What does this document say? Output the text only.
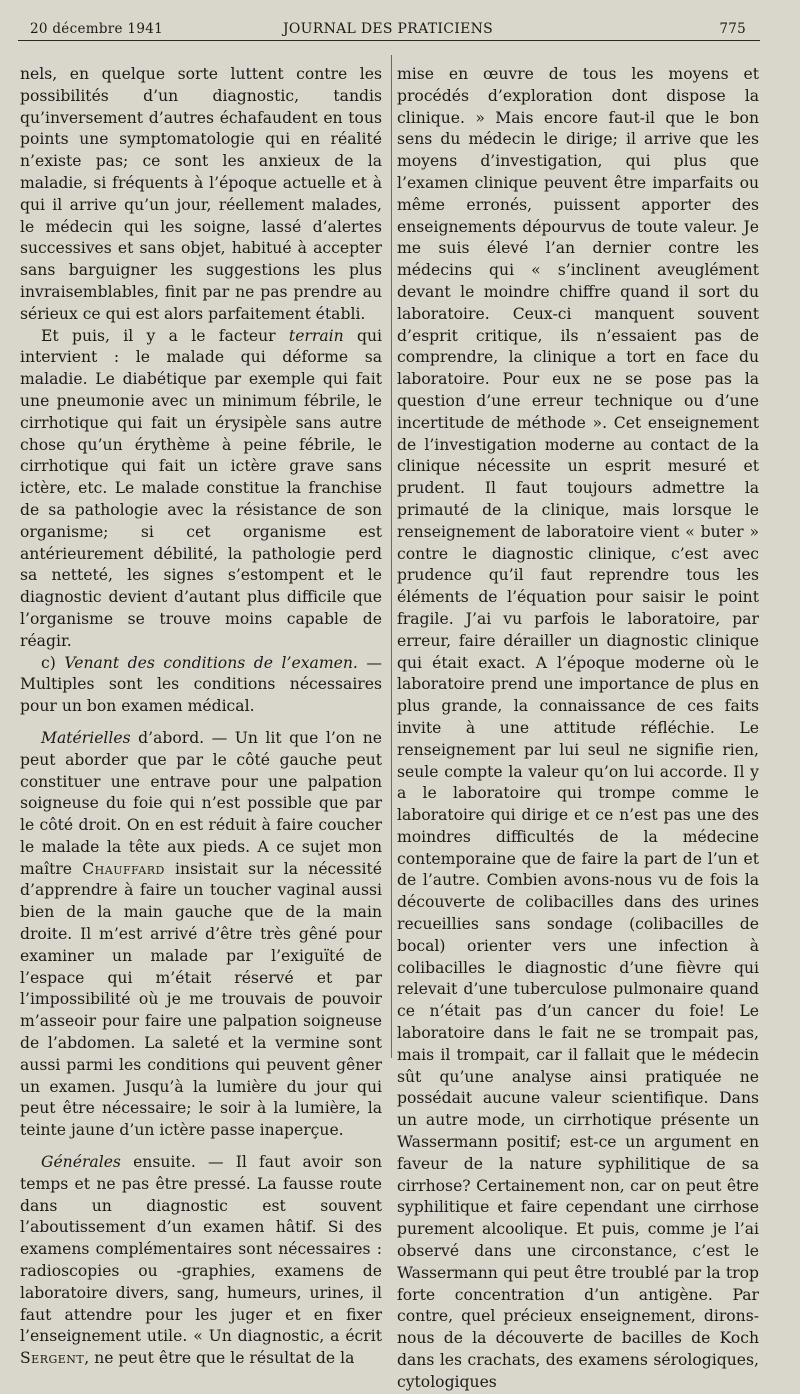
20 décembre 1941	JOURNAL DES PRATICIENS	775

nels, en quelque sorte luttent contre les possibilités d’un diagnostic, tandis qu’inversement d’autres échafaudent en tous points une symptomatologie qui en réalité n’existe pas; ce sont les anxieux de la maladie, si fréquents à l’époque actuelle et à qui il arrive qu’un jour, réellement malades, le médecin qui les soigne, lassé d’alertes successives et sans objet, habitué à accepter sans barguigner les suggestions les plus invraisemblables, finit par ne pas prendre au sérieux ce qui est alors parfaitement établi.

Et puis, il y a le facteur terrain qui intervient : le malade qui déforme sa maladie. Le diabétique par exemple qui fait une pneumonie avec un minimum fébrile, le cirrhotique qui fait un érysipèle sans autre chose qu’un érythème à peine fébrile, le cirrhotique qui fait un ictère grave sans ictère, etc. Le malade constitue la franchise de sa pathologie avec la résistance de son organisme; si cet organisme est antérieurement débilité, la pathologie perd sa netteté, les signes s’estompent et le diagnostic devient d’autant plus difficile que l’organisme se trouve moins capable de réagir.

c) Venant des conditions de l’examen. — Multiples sont les conditions nécessaires pour un bon examen médical.

Matérielles d’abord. — Un lit que l’on ne peut aborder que par le côté gauche peut constituer une entrave pour une palpation soigneuse du foie qui n’est possible que par le côté droit. On en est réduit à faire coucher le malade la tête aux pieds. A ce sujet mon maître Chauffard insistait sur la nécessité d’apprendre à faire un toucher vaginal aussi bien de la main gauche que de la main droite. Il m’est arrivé d’être très gêné pour examiner un malade par l’exiguïté de l’espace qui m’était réservé et par l’impossibilité où je me trouvais de pouvoir m’asseoir pour faire une palpation soigneuse de l’abdomen. La saleté et la vermine sont aussi parmi les conditions qui peuvent gêner un examen. Jusqu’à la lumière du jour qui peut être nécessaire; le soir à la lumière, la teinte jaune d’un ictère passe inaperçue.

Générales ensuite. — Il faut avoir son temps et ne pas être pressé. La fausse route dans un diagnostic est souvent l’aboutissement d’un examen hâtif. Si des examens complémentaires sont nécessaires : radioscopies ou -graphies, examens de laboratoire divers, sang, humeurs, urines, il faut attendre pour les juger et en fixer l’enseignement utile. « Un diagnostic, a écrit Sergent, ne peut être que le résultat de la

mise en œuvre de tous les moyens et procédés d’exploration dont dispose la clinique. » Mais encore faut-il que le bon sens du médecin le dirige; il arrive que les moyens d’investigation, qui plus que l’examen clinique peuvent être imparfaits ou même erronés, puissent apporter des enseignements dépourvus de toute valeur. Je me suis élevé l’an dernier contre les médecins qui « s’inclinent aveuglément devant le moindre chiffre quand il sort du laboratoire. Ceux-ci manquent souvent d’esprit critique, ils n’essaient pas de comprendre, la clinique a tort en face du laboratoire. Pour eux ne se pose pas la question d’une erreur technique ou d’une incertitude de méthode ». Cet enseignement de l’investigation moderne au contact de la clinique nécessite un esprit mesuré et prudent. Il faut toujours admettre la primauté de la clinique, mais lorsque le renseignement de laboratoire vient « buter » contre le diagnostic clinique, c’est avec prudence qu’il faut reprendre tous les éléments de l’équation pour saisir le point fragile. J’ai vu parfois le laboratoire, par erreur, faire dérailler un diagnostic clinique qui était exact. A l’époque moderne où le laboratoire prend une importance de plus en plus grande, la connaissance de ces faits invite à une attitude réfléchie. Le renseignement par lui seul ne signifie rien, seule compte la valeur qu’on lui accorde. Il y a le laboratoire qui trompe comme le laboratoire qui dirige et ce n’est pas une des moindres difficultés de la médecine contemporaine que de faire la part de l’un et de l’autre. Combien avons-nous vu de fois la découverte de colibacilles dans des urines recueillies sans sondage (colibacilles de bocal) orienter vers une infection à colibacilles le diagnostic d’une fièvre qui relevait d’une tuberculose pulmonaire quand ce n’était pas d’un cancer du foie! Le laboratoire dans le fait ne se trompait pas, mais il trompait, car il fallait que le médecin sût qu’une analyse ainsi pratiquée ne possédait aucune valeur scientifique. Dans un autre mode, un cirrhotique présente un Wassermann positif; est-ce un argument en faveur de la nature syphilitique de sa cirrhose? Certainement non, car on peut être syphilitique et faire cependant une cirrhose purement alcoolique. Et puis, comme je l’ai observé dans une circonstance, c’est le Wassermann qui peut être troublé par la trop forte concentration d’un antigène. Par contre, quel précieux enseignement, dirons-nous de la découverte de bacilles de Koch dans les crachats, des examens sérologiques, cytologiques
